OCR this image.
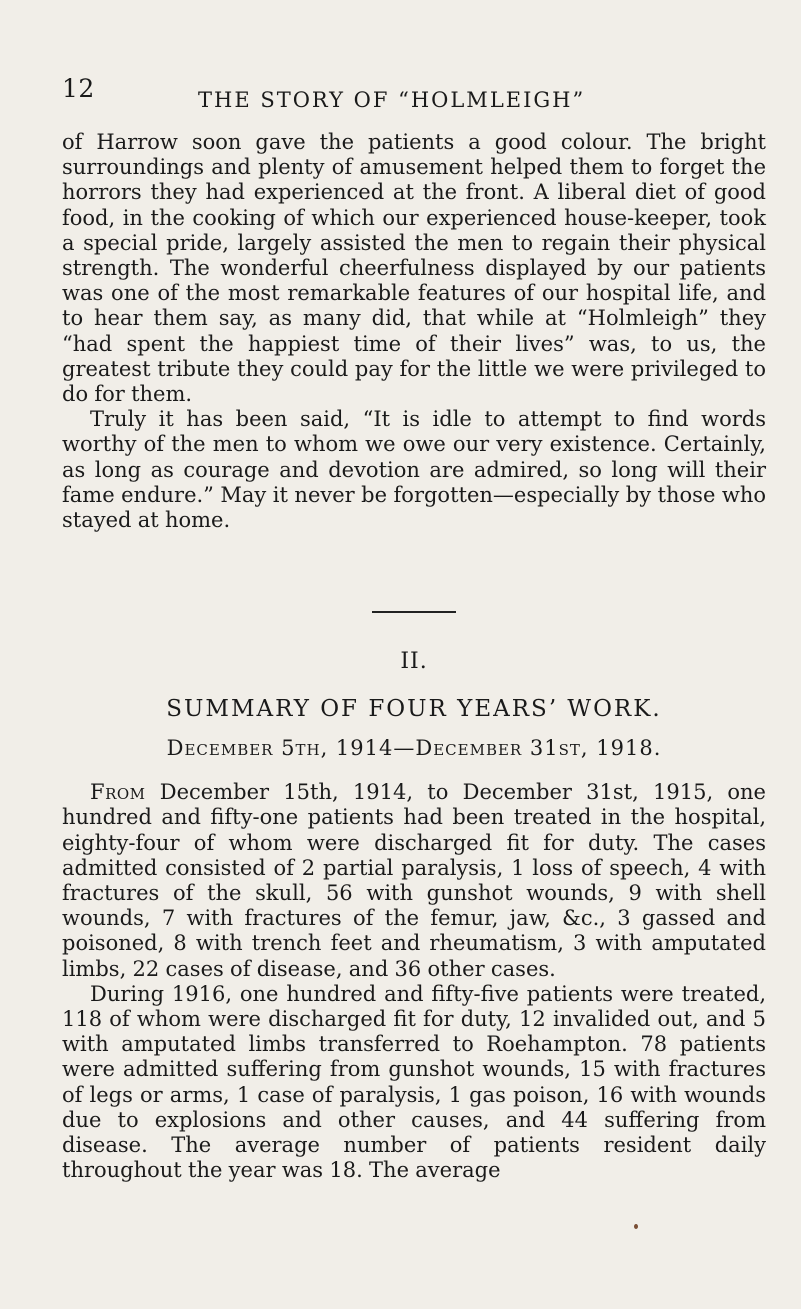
12	THE STORY OF “HOLMLEIGH”

of Harrow soon gave the patients a good colour. The bright surroundings and plenty of amusement helped them to forget the horrors they had experienced at the front. A liberal diet of good food, in the cooking of which our experienced house-keeper, took a special pride, largely assisted the men to regain their physical strength. The wonderful cheerfulness displayed by our patients was one of the most remarkable features of our hospital life, and to hear them say, as many did, that while at “Holmleigh” they “had spent the happiest time of their lives” was, to us, the greatest tribute they could pay for the little we were privileged to do for them.

Truly it has been said, “It is idle to attempt to find words worthy of the men to whom we owe our very existence. Certainly, as long as courage and devotion are admired, so long will their fame endure.” May it never be forgotten—especially by those who stayed at home.

II.
SUMMARY OF FOUR YEARS’ WORK.
December 5th, 1914—December 31st, 1918.

From December 15th, 1914, to December 31st, 1915, one hundred and fifty-one patients had been treated in the hospital, eighty-four of whom were discharged fit for duty. The cases admitted consisted of 2 partial paralysis, 1 loss of speech, 4 with fractures of the skull, 56 with gunshot wounds, 9 with shell wounds, 7 with fractures of the femur, jaw, &c., 3 gassed and poisoned, 8 with trench feet and rheumatism, 3 with amputated limbs, 22 cases of disease, and 36 other cases.

During 1916, one hundred and fifty-five patients were treated, 118 of whom were discharged fit for duty, 12 invalided out, and 5 with amputated limbs transferred to Roehampton. 78 patients were admitted suffering from gunshot wounds, 15 with fractures of legs or arms, 1 case of paralysis, 1 gas poison, 16 with wounds due to explosions and other causes, and 44 suffering from disease. The average number of patients resident daily throughout the year was 18. The average
